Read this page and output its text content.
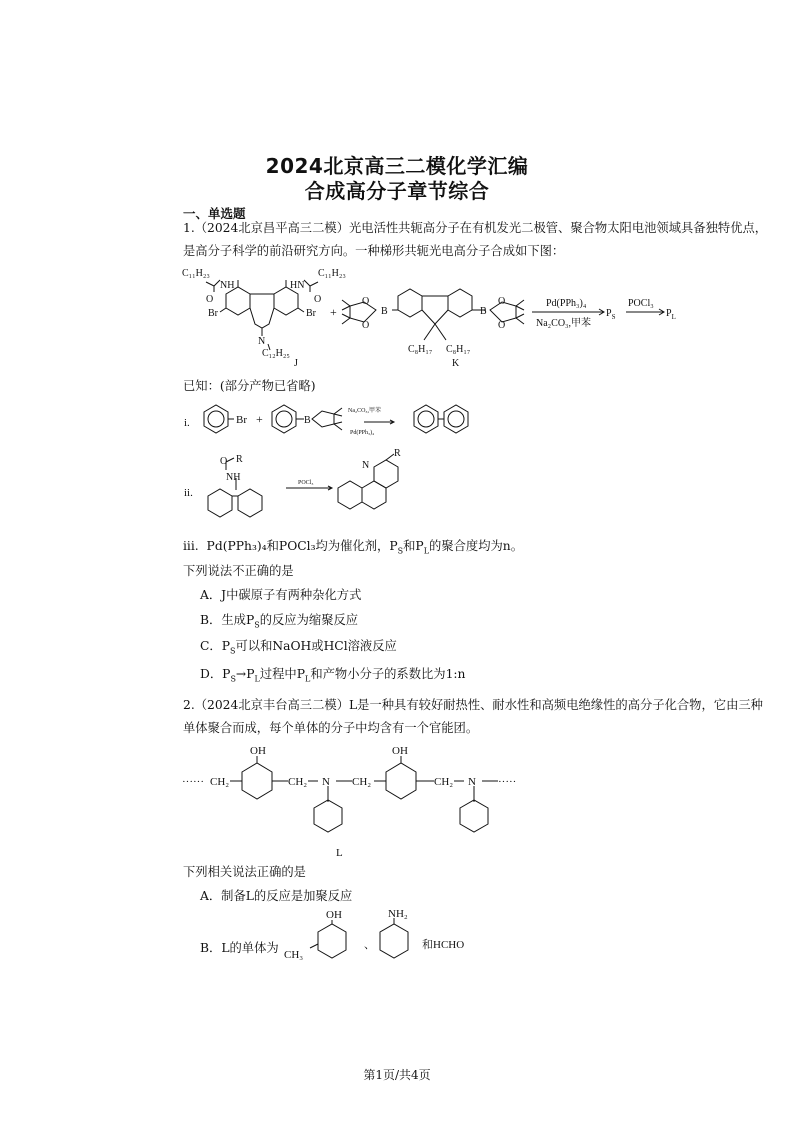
2024北京高三二模化学汇编
合成高分子章节综合
一、单选题
1.（2024北京昌平高三二模）光电活性共轭高分子在有机发光二极管、聚合物太阳电池领域具备独特优点，是高分子科学的前沿研究方向。一种梯形共轭光电高分子合成如下图：
C₁₁H₂₃
NH
O
Br
HN
C₁₁H₂₃
O
Br
N
C₁₂H₂₅
J
+	B
O
O
B
O
O
C₈H₁₇ C₈H₁₇
K
Pd(PPh₃)₄
Na₂CO₃,甲苯
$P_S$
POCl₃
$P_L$
已知：(部分产物已省略)
i.	Br +	B
Na₂CO₃,甲苯
Pd(PPh₃)₄
ii.
R
O
NH	POCl₃
N
R
iii. Pd(PPh₃)₄和POCl₃均为催化剂，$P_S$和$P_L$的聚合度均为n。
下列说法不正确的是
A．J中碳原子有两种杂化方式
B．生成$P_S$的反应为缩聚反应
C．$P_S$可以和NaOH或HCl溶液反应
D．$P_S\to P_L$过程中$P_L$和产物小分子的系数比为1:n
2.（2024北京丰台高三二模）L是一种具有较好耐热性、耐水性和高频电绝缘性的高分子化合物，它由三种单体聚合而成，每个单体的分子中均含有一个官能团。
······ CH₂
OH
CH₂ N CH₂
OH
CH₂ N ·····
L
下列相关说法正确的是
A．制备L的反应是加聚反应
B．L的单体为 CH₃
OH
、
NH₂
和HCHO
第1页/共4页
